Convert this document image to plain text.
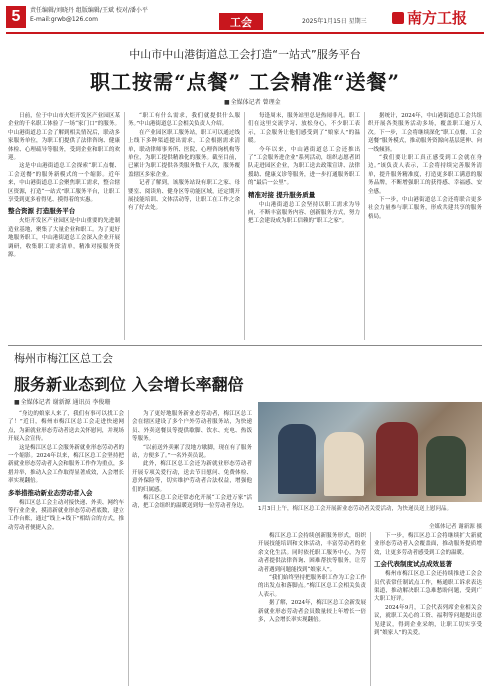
5	责任编辑/刘晓丹 组版编辑/王斌 校对/潘小平
E-mail:grwb@126.com	工会	2025年1月15日 星期三	南方工报
中山市中山港街道总工会打造“一站式”服务平台
职工按需“点餐” 工会精准“送餐”
■ 全媒体记者 曾理金

日前，位于中山市火炬开发区产业园区某企业的千名职工体验了一场“家门口”的服务。中山港街道总工会了解到相关情况后，联动多家服务单位，为职工们提供了法律咨询、健康体检、心理疏导等服务，受到企业和职工的欢迎。

这是中山港街道总工会探索“职工点餐、工会送餐”的服务新模式的一个缩影。近年来，中山港街道总工会聚焦职工需求，整合辖区资源，打造“一站式”职工服务平台，让职工享受到更多看得见、摸得着的实惠。

整合资源 打造服务平台

火炬开发区产业园区是中山重要的先进制造业基地，聚集了大量企业和职工。为了更好地服务职工，中山港街道总工会深入企业开展调研，收集职工需求清单，精准对接服务资源。

“职工有什么需求，我们就提供什么服务。”中山港街道总工会相关负责人介绍。

在产业园区职工服务站，职工可以通过线上线下多种渠道提出需求，工会根据需求清单，联动律师事务所、医院、心理咨询机构等单位，为职工提供精准化的服务。截至目前，已累计为职工提供各类服务数千人次，服务覆盖辖区多家企业。

记者了解到，该服务站设有职工之家、母婴室、阅读角、健身区等功能区域，还定期开展技能培训、文体活动等，让职工在工作之余有了好去处。

每逢周末，服务站里总是热闹非凡。职工们在这里交流学习、放松身心，不少职工表示，工会服务让他们感受到了“娘家人”的温暖。

今年以来，中山港街道总工会还推出了“工会服务进企业”系列活动，组织志愿者团队走进园区企业，为职工送去政策宣讲、法律援助、健康义诊等服务，进一步打通服务职工的“最后一公里”。

精准对接 提升服务质量

中山港街道总工会坚持以职工需求为导向，不断丰富服务内容、创新服务方式，努力把工会建设成为职工信赖的“职工之家”。

据统计，2024年，中山港街道总工会共组织开展各类服务活动多场，覆盖职工逾万人次。下一步，工会将继续深化“职工点餐、工会送餐”服务模式，推动服务资源向基层延伸、向一线倾斜。

“我们要让职工真正感受到工会就在身边。”该负责人表示，工会将持续完善服务清单，提升服务精准度，打造更多职工满意的服务品牌，不断增强职工的获得感、幸福感、安全感。

下一步，中山港街道总工会还将联合更多社会力量参与职工服务，形成共建共享的服务格局。

梅州市梅江区总工会
服务新业态到位 入会增长率翻倍
■ 全媒体记者 谢新源 通讯员 李俊珊

“身边的娘家人来了，我们有事可以找工会了！”近日，梅州市梅江区总工会走进快递网点，为新就业形态劳动者送去关怀慰问，并现场开展入会宣传。

这是梅江区总工会服务新就业形态劳动者的一个缩影。2024年以来，梅江区总工会坚持把新就业形态劳动者入会和服务工作作为重点，多措并举，推动入会工作取得显著成效，入会增长率实现翻倍。

多举措推动新业态劳动者入会

梅江区总工会主动对接快递、外卖、网约车等行业企业，摸清新就业形态劳动者底数，建立工作台账，通过“线上+线下”相结合的方式，推动劳动者便捷入会。

为了更好地服务新业态劳动者，梅江区总工会在辖区建设了多个户外劳动者服务站，为快递员、外卖送餐员等提供歇脚、饮水、充电、热饭等服务。

“以前送外卖累了没地方歇脚，现在有了服务站，方便多了。”一名外卖员说。

此外，梅江区总工会还为新就业形态劳动者开展专项关爱行动，送去节日慰问、免费体检、意外保险等，切实维护劳动者合法权益，增强他们的归属感。

梅江区总工会还常态化开展“工会进万家”活动，把工会组织的温暖送到每一位劳动者身边。	1月3日上午，梅江区总工会开展新业态劳动者关爱活动，为快递员送上慰问品。
全媒体记者 谢新源 摄

梅江区总工会持续创新服务形式，组织开展技能培训和文体活动，丰富劳动者的业余文化生活。同时依托职工服务中心，为劳动者提供法律咨询、困难帮扶等服务，让劳动者遇到问题能找到“娘家人”。

“我们始终坚持把服务职工作为工会工作的出发点和落脚点。”梅江区总工会相关负责人表示。

据了解，2024年，梅江区总工会新发展新就业形态劳动者会员数量较上年增长一倍多，入会增长率实现翻倍。

下一步，梅江区总工会将继续扩大新就业形态劳动者入会覆盖面，推动服务提质增效，让更多劳动者感受到工会的温暖。

工会代表制度试点成效显著

梅州市梅江区总工会还持续推进工会会员代表常任制试点工作，畅通职工诉求表达渠道，推动解决职工急难愁盼问题，受到广大职工好评。

2024年9月，工会代表列席企业相关会议，就职工关心的工资、福利等问题提出意见建议，得到企业采纳，让职工切实享受到“娘家人”的关爱。
